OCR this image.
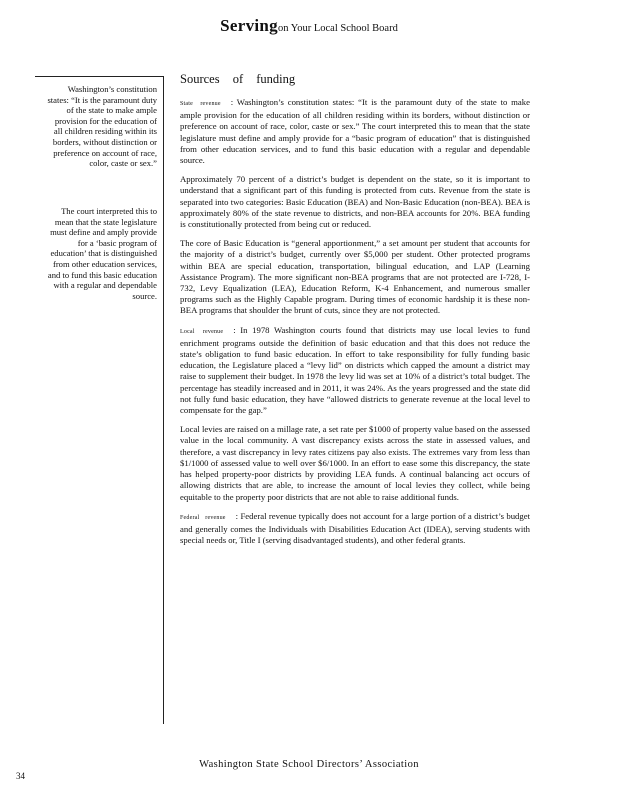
Servingon Your Local School Board
Washington’s constitution states: “It is the paramount duty of the state to make ample provision for the education of all children residing within its borders, without distinction or preference on account of race, color, caste or sex.”
The court interpreted this to mean that the state legislature must define and amply provide for a ‘basic program of education’ that is distinguished from other education services, and to fund this basic education with a regular and dependable source.
Sources of funding

State revenue : Washington’s constitution states: “It is the paramount duty of the state to make ample provision for the education of all children residing within its borders, without distinction or preference on account of race, color, caste or sex.” The court interpreted this to mean that the state legislature must define and amply provide for a “basic program of education” that is distinguished from other education services, and to fund this basic education with a regular and dependable source.

Approximately 70 percent of a district’s budget is dependent on the state, so it is important to understand that a significant part of this funding is protected from cuts. Revenue from the state is separated into two categories: Basic Education (BEA) and Non-Basic Education (non-BEA). BEA is approximately 80% of the state revenue to districts, and non-BEA accounts for 20%. BEA funding is constitutionally protected from being cut or reduced.

The core of Basic Education is “general apportionment,” a set amount per student that accounts for the majority of a district’s budget, currently over $5,000 per student. Other protected programs within BEA are special education, transportation, bilingual education, and LAP (Learning Assistance Program). The more significant non-BEA programs that are not protected are I-728, I-732, Levy Equalization (LEA), Education Reform, K-4 Enhancement, and numerous smaller programs such as the Highly Capable program. During times of economic hardship it is these non-BEA programs that shoulder the brunt of cuts, since they are not protected.

Local revenue : In 1978 Washington courts found that districts may use local levies to fund enrichment programs outside the definition of basic education and that this does not reduce the state’s obligation to fund basic education. In effort to take responsibility for fully funding basic education, the Legislature placed a “levy lid” on districts which capped the amount a district may raise to supplement their budget. In 1978 the levy lid was set at 10% of a district’s total budget. The percentage has steadily increased and in 2011, it was 24%. As the years progressed and the state did not fully fund basic education, they have “allowed districts to generate revenue at the local level to compensate for the gap.”

Local levies are raised on a millage rate, a set rate per $1000 of property value based on the assessed value in the local community. A vast discrepancy exists across the state in assessed values, and therefore, a vast discrepancy in levy rates citizens pay also exists. The extremes vary from less than $1/1000 of assessed value to well over $6/1000. In an effort to ease some this discrepancy, the state has helped property-poor districts by providing LEA funds. A continual balancing act occurs of allowing districts that are able, to increase the amount of local levies they collect, while being equitable to the property poor districts that are not able to raise additional funds.

Federal revenue : Federal revenue typically does not account for a large portion of a district’s budget and generally comes the Individuals with Disabilities Education Act (IDEA), serving students with special needs or, Title I (serving disadvantaged students), and other federal grants.

Washington State School Directors’ Association
34
